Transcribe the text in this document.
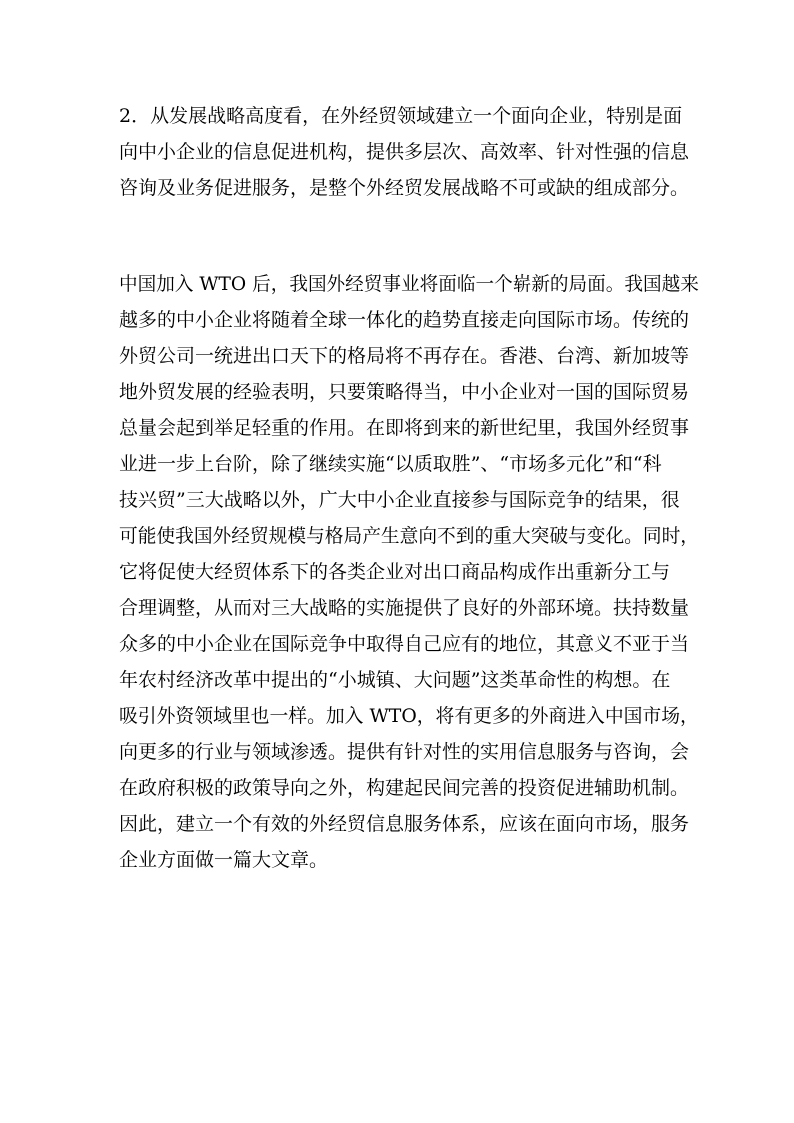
2．从发展战略高度看，在外经贸领域建立一个面向企业，特别是面
向中小企业的信息促进机构，提供多层次、高效率、针对性强的信息
咨询及业务促进服务，是整个外经贸发展战略不可或缺的组成部分。
中国加入 WTO 后，我国外经贸事业将面临一个崭新的局面。我国越来
越多的中小企业将随着全球一体化的趋势直接走向国际市场。传统的
外贸公司一统进出口天下的格局将不再存在。香港、台湾、新加坡等
地外贸发展的经验表明，只要策略得当，中小企业对一国的国际贸易
总量会起到举足轻重的作用。在即将到来的新世纪里，我国外经贸事
业进一步上台阶，除了继续实施“以质取胜”、“市场多元化”和“科
技兴贸”三大战略以外，广大中小企业直接参与国际竞争的结果，很
可能使我国外经贸规模与格局产生意向不到的重大突破与变化。同时，
它将促使大经贸体系下的各类企业对出口商品构成作出重新分工与
合理调整，从而对三大战略的实施提供了良好的外部环境。扶持数量
众多的中小企业在国际竞争中取得自己应有的地位，其意义不亚于当
年农村经济改革中提出的“小城镇、大问题”这类革命性的构想。在
吸引外资领域里也一样。加入 WTO，将有更多的外商进入中国市场，
向更多的行业与领域渗透。提供有针对性的实用信息服务与咨询，会
在政府积极的政策导向之外，构建起民间完善的投资促进辅助机制。
因此，建立一个有效的外经贸信息服务体系，应该在面向市场，服务
企业方面做一篇大文章。
